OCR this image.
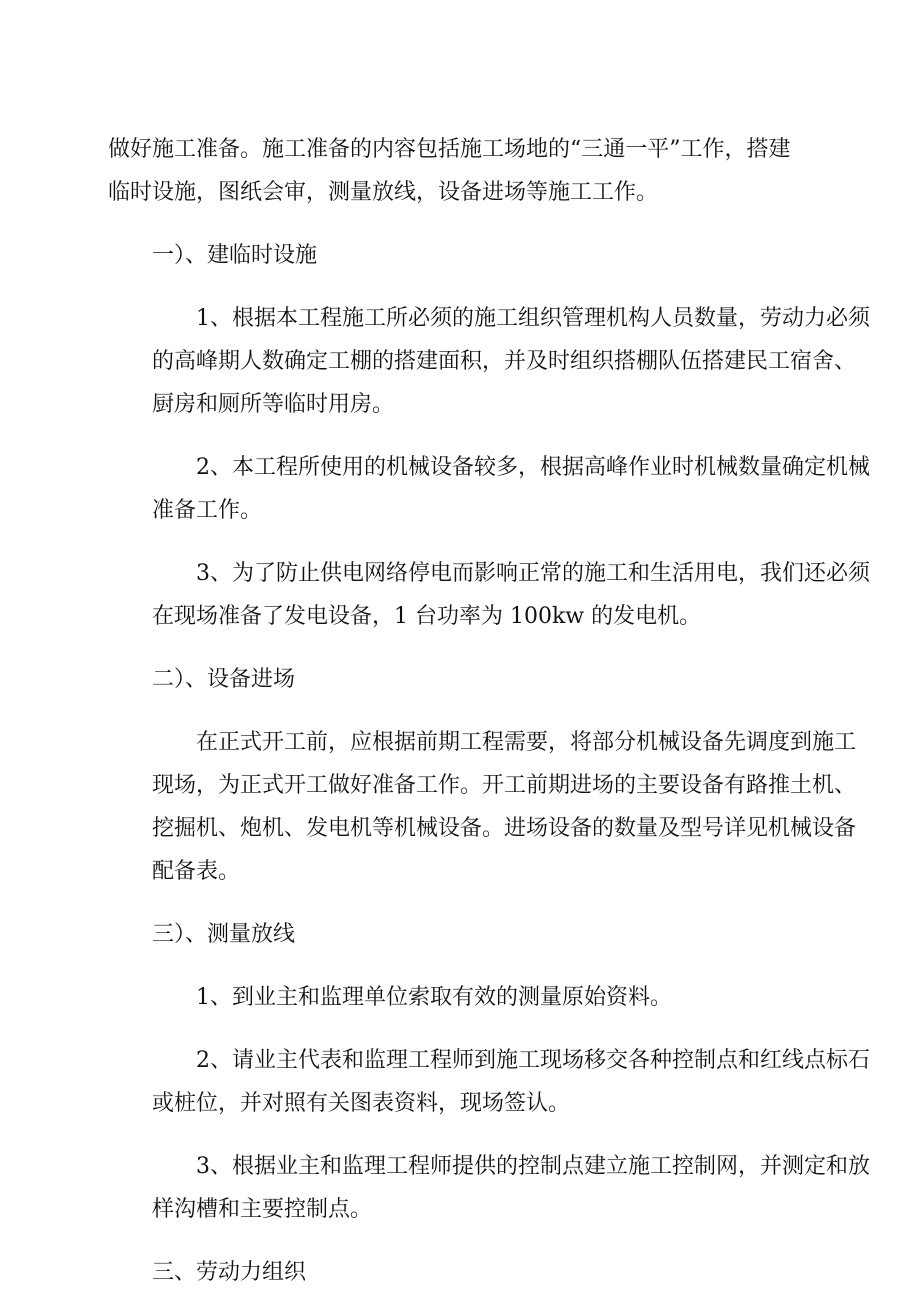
做好施工准备。施工准备的内容包括施工场地的“三通一平”工作，搭建
临时设施，图纸会审，测量放线，设备进场等施工工作。

一）、建临时设施

1、根据本工程施工所必须的施工组织管理机构人员数量，劳动力必须
的高峰期人数确定工棚的搭建面积，并及时组织搭棚队伍搭建民工宿舍、
厨房和厕所等临时用房。

2、本工程所使用的机械设备较多，根据高峰作业时机械数量确定机械
准备工作。

3、为了防止供电网络停电而影响正常的施工和生活用电，我们还必须
在现场准备了发电设备，1 台功率为 100kw 的发电机。

二）、设备进场

在正式开工前，应根据前期工程需要，将部分机械设备先调度到施工
现场，为正式开工做好准备工作。开工前期进场的主要设备有路推土机、
挖掘机、炮机、发电机等机械设备。进场设备的数量及型号详见机械设备
配备表。

三）、测量放线

1、到业主和监理单位索取有效的测量原始资料。

2、请业主代表和监理工程师到施工现场移交各种控制点和红线点标石
或桩位，并对照有关图表资料，现场签认。

3、根据业主和监理工程师提供的控制点建立施工控制网，并测定和放
样沟槽和主要控制点。

三、劳动力组织
